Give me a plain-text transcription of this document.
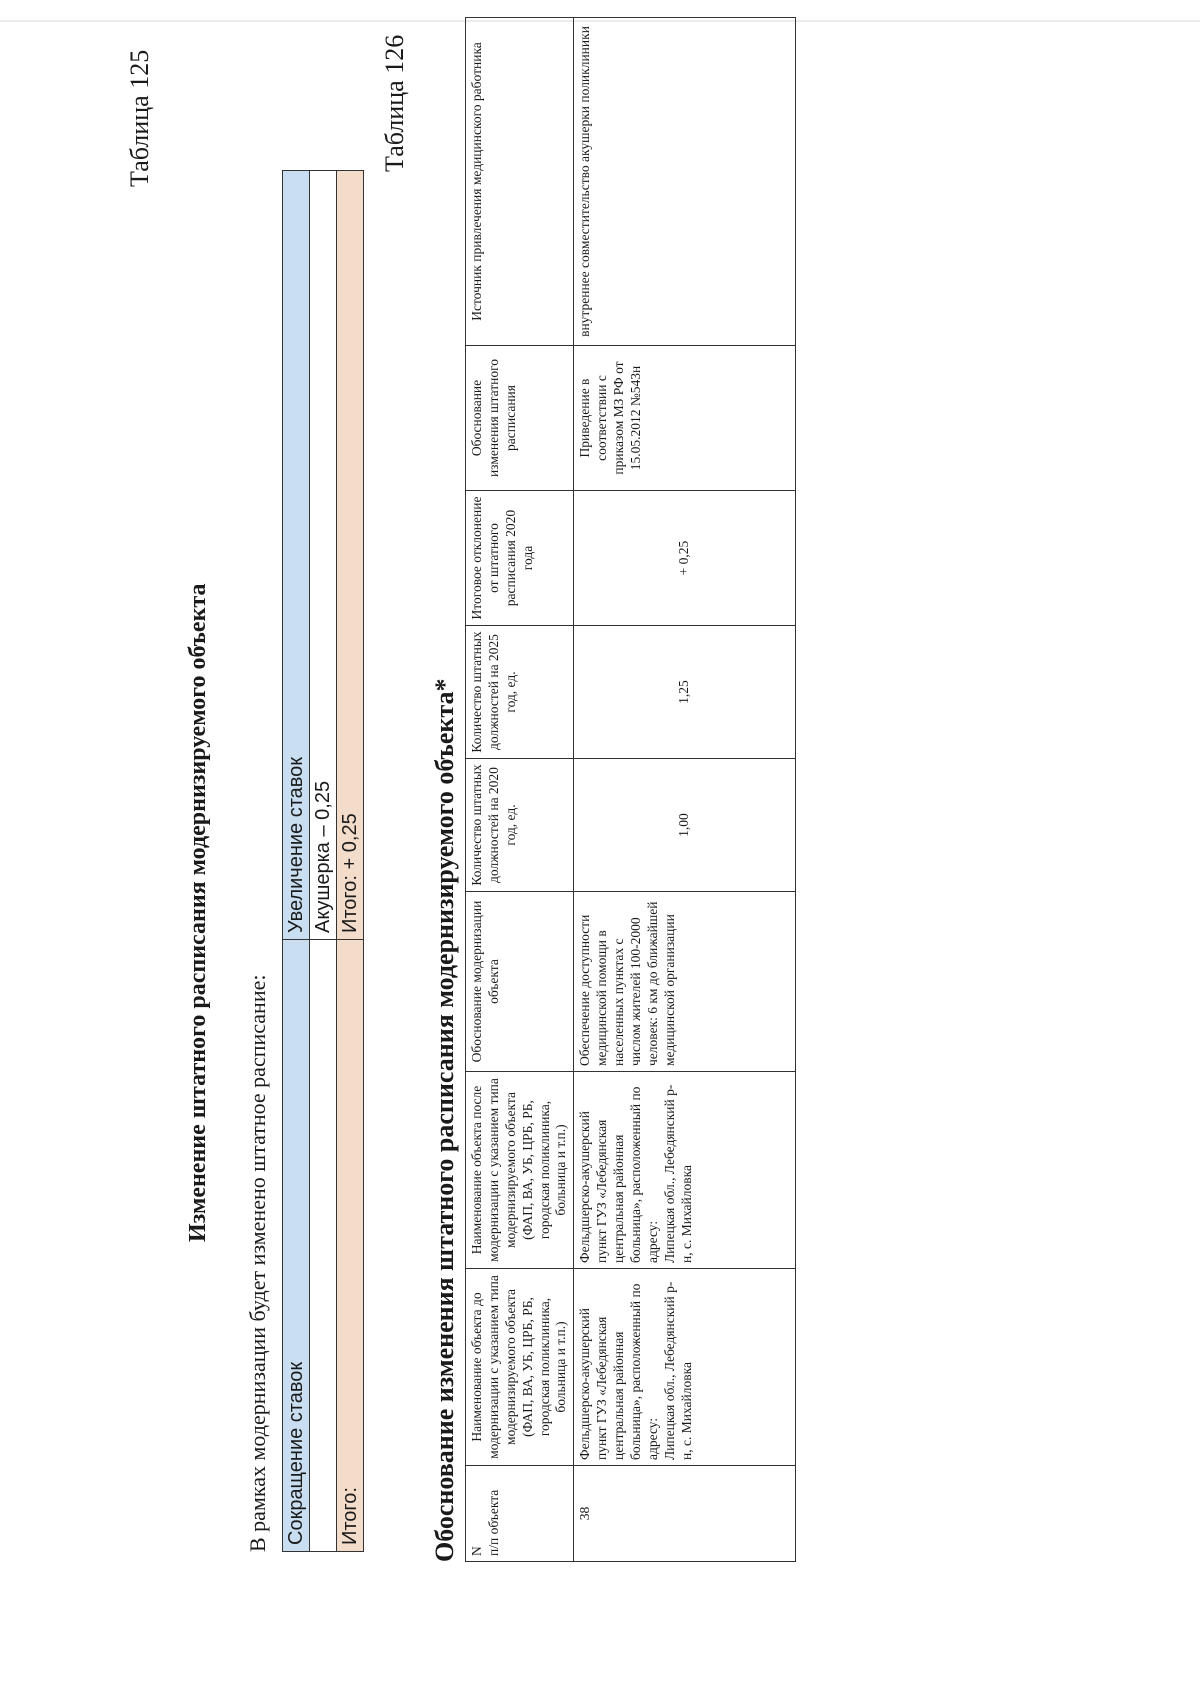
Таблица 125
Изменение штатного расписания модернизируемого объекта
В рамках модернизации будет изменено штатное расписание: Сокращение ставок	Увеличение ставок
	Акушерка – 0,25
Итого:	Итого: + 0,25
Таблица 126
Обоснование изменения штатного расписания модернизируемого объекта* N п/п объекта	Наименование объекта до модернизации с указанием типа модернизируемого объекта (ФАП, ВА, УБ, ЦРБ, РБ, городская поликлиника, больница и т.п.)	Наименование объекта после модернизации с указанием типа модернизируемого объекта (ФАП, ВА, УБ, ЦРБ, РБ, городская поликлиника, больница и т.п.)	Обоснование модернизации объекта	Количество штатных должностей на 2020 год, ед.	Количество штатных должностей на 2025 год, ед.	Итоговое отклонение от штатного расписания 2020 года	Обоснование изменения штатного расписания	Источник привлечения медицинского работника
38	Фельдшерско-акушерский пункт ГУЗ «Лебедянская центральная районная больница», расположенный по адресу: Липецкая обл., Лебедянский р-н, с. Михайловка	Фельдшерско-акушерский пункт ГУЗ «Лебедянская центральная районная больница», расположенный по адресу: Липецкая обл., Лебедянский р-н, с. Михайловка	Обеспечение доступности медицинской помощи в населенных пунктах с числом жителей 100-2000 человек: 6 км до ближайшей медицинской организации	1,00	1,25	+ 0,25	Приведение в соответствии с приказом МЗ РФ от 15.05.2012 №543н	внутреннее совместительство акушерки поликлиники
